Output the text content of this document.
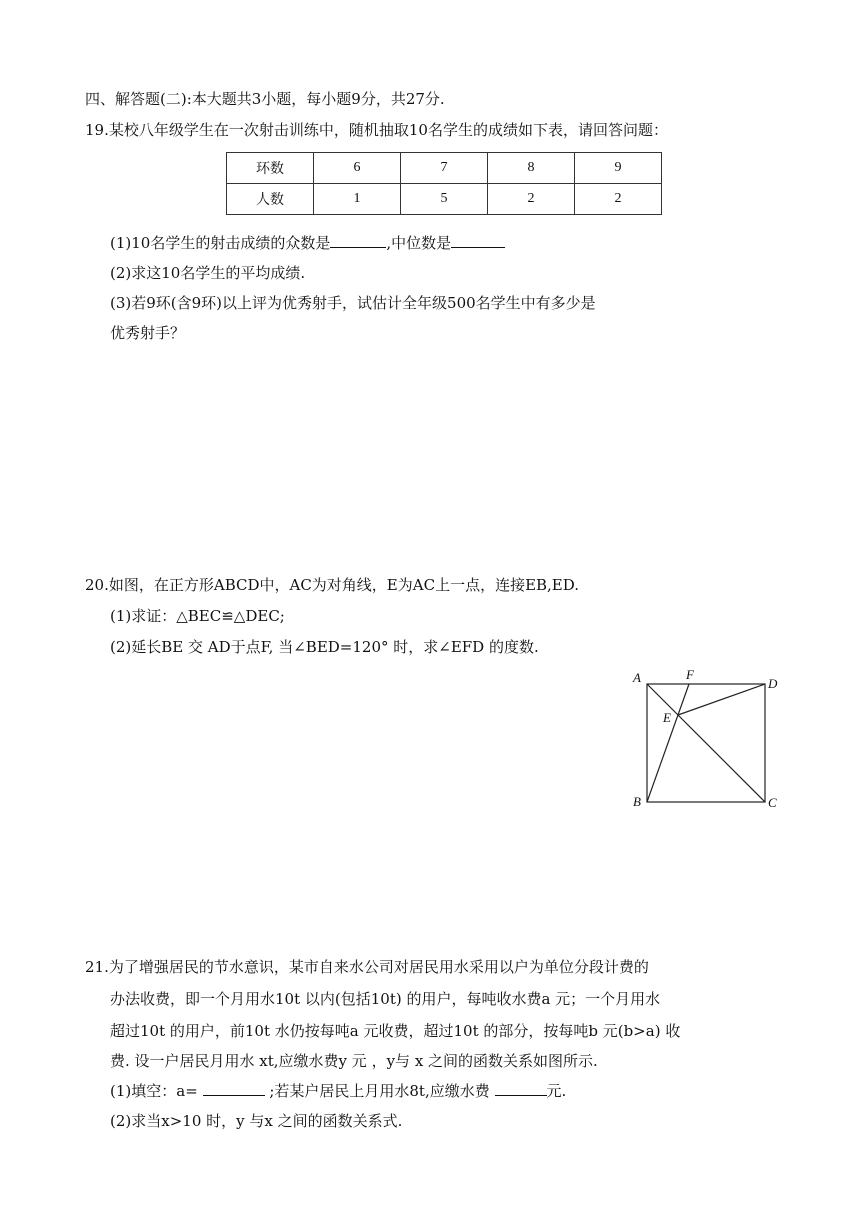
四、解答题(二):本大题共3小题，每小题9分，共27分.
19.某校八年级学生在一次射击训练中，随机抽取10名学生的成绩如下表，请回答问题：
环数	6	7	8	9
人数	1	5	2	2
(1)10名学生的射击成绩的众数是	,中位数是
(2)求这10名学生的平均成绩.
(3)若9环(含9环)以上评为优秀射手，试估计全年级500名学生中有多少是
优秀射手？
20.如图，在正方形ABCD中，AC为对角线，E为AC上一点，连接EB,ED.
(1)求证：△BEC≌△DEC;
(2)延长BE 交 AD于点F, 当∠BED=120° 时，求∠EFD 的度数.
A
B	C
D
E
F
21.为了增强居民的节水意识，某市自来水公司对居民用水采用以户为单位分段计费的
办法收费，即一个月用水10t 以内(包括10t) 的用户，每吨收水费a 元；一个月用水
超过10t 的用户，前10t 水仍按每吨a 元收费，超过10t 的部分，按每吨b 元(b>a) 收
费. 设一户居民月用水 xt,应缴水费y 元 ，y与 x 之间的函数关系如图所示.
(1)填空：a=	;若某户居民上月用水8t,应缴水费	元.
(2)求当x>10 时，y 与x 之间的函数关系式.
